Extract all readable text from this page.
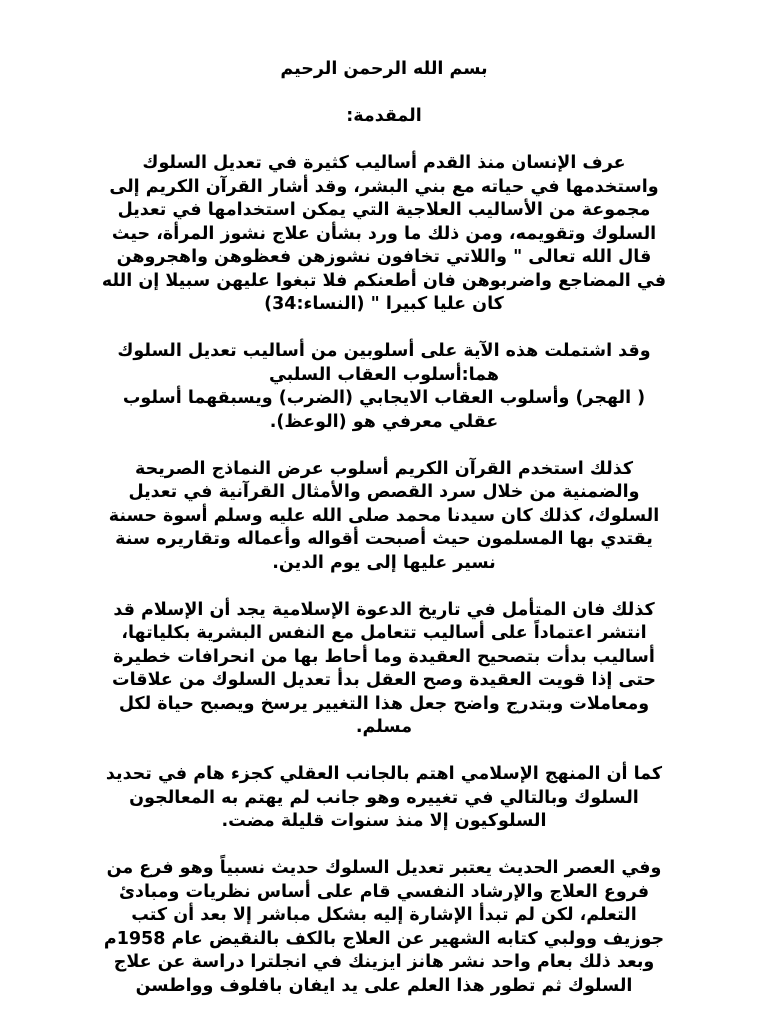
بسم الله الرحمن الرحيم
المقدمة:
عرف الإنسان منذ القدم أساليب كثيرة في تعديل السلوك
واستخدمها في حياته مع بني البشر، وقد أشار القرآن الكريم إلى
مجموعة من الأساليب العلاجية التي يمكن استخدامها في تعديل
السلوك وتقويمه، ومن ذلك ما ورد بشأن علاج نشوز المرأة، حيث
قال الله تعالى " واللاتي تخافون نشوزهن فعظوهن واهجروهن
في المضاجع واضربوهن فان أطعنكم فلا تبغوا عليهن سبيلا إن الله
كان عليا كبيرا " (النساء:34)
وقد اشتملت هذه الآية على أسلوبين من أساليب تعديل السلوك
هما:أسلوب العقاب السلبي
( الهجر) وأسلوب العقاب الايجابي (الضرب) ويسبقهما أسلوب
عقلي معرفي هو (الوعظ).
كذلك استخدم القرآن الكريم أسلوب عرض النماذج الصريحة
والضمنية من خلال سرد القصص والأمثال القرآنية في تعديل
السلوك، كذلك كان سيدنا محمد صلى الله عليه وسلم أسوة حسنة
يقتدي بها المسلمون حيث أصبحت أقواله وأعماله وتقاريره سنة
نسير عليها إلى يوم الدين.
كذلك فان المتأمل في تاريخ الدعوة الإسلامية يجد أن الإسلام قد
انتشر اعتماداً على أساليب تتعامل مع النفس البشرية بكلياتها،
أساليب بدأت بتصحيح العقيدة وما أحاط بها من انحرافات خطيرة
حتى إذا قويت العقيدة وصح العقل بدأ تعديل السلوك من علاقات
ومعاملات وبتدرج واضح جعل هذا التغيير يرسخ ويصبح حياة لكل
مسلم.
كما أن المنهج الإسلامي اهتم بالجانب العقلي كجزء هام في تحديد
السلوك وبالتالي في تغييره وهو جانب لم يهتم به المعالجون
السلوكيون إلا منذ سنوات قليلة مضت.
وفي العصر الحديث يعتبر تعديل السلوك حديث نسبياً وهو فرع من
فروع العلاج والإرشاد النفسي قام على أساس نظريات ومبادئ
التعلم، لكن لم تبدأ الإشارة إليه بشكل مباشر إلا بعد أن كتب
جوزيف وولبي كتابه الشهير عن العلاج بالكف بالنقيض عام 1958م
وبعد ذلك بعام واحد نشر هانز ايزينك في انجلترا دراسة عن علاج
السلوك ثم تطور هذا العلم على يد ايفان بافلوف وواطسن
